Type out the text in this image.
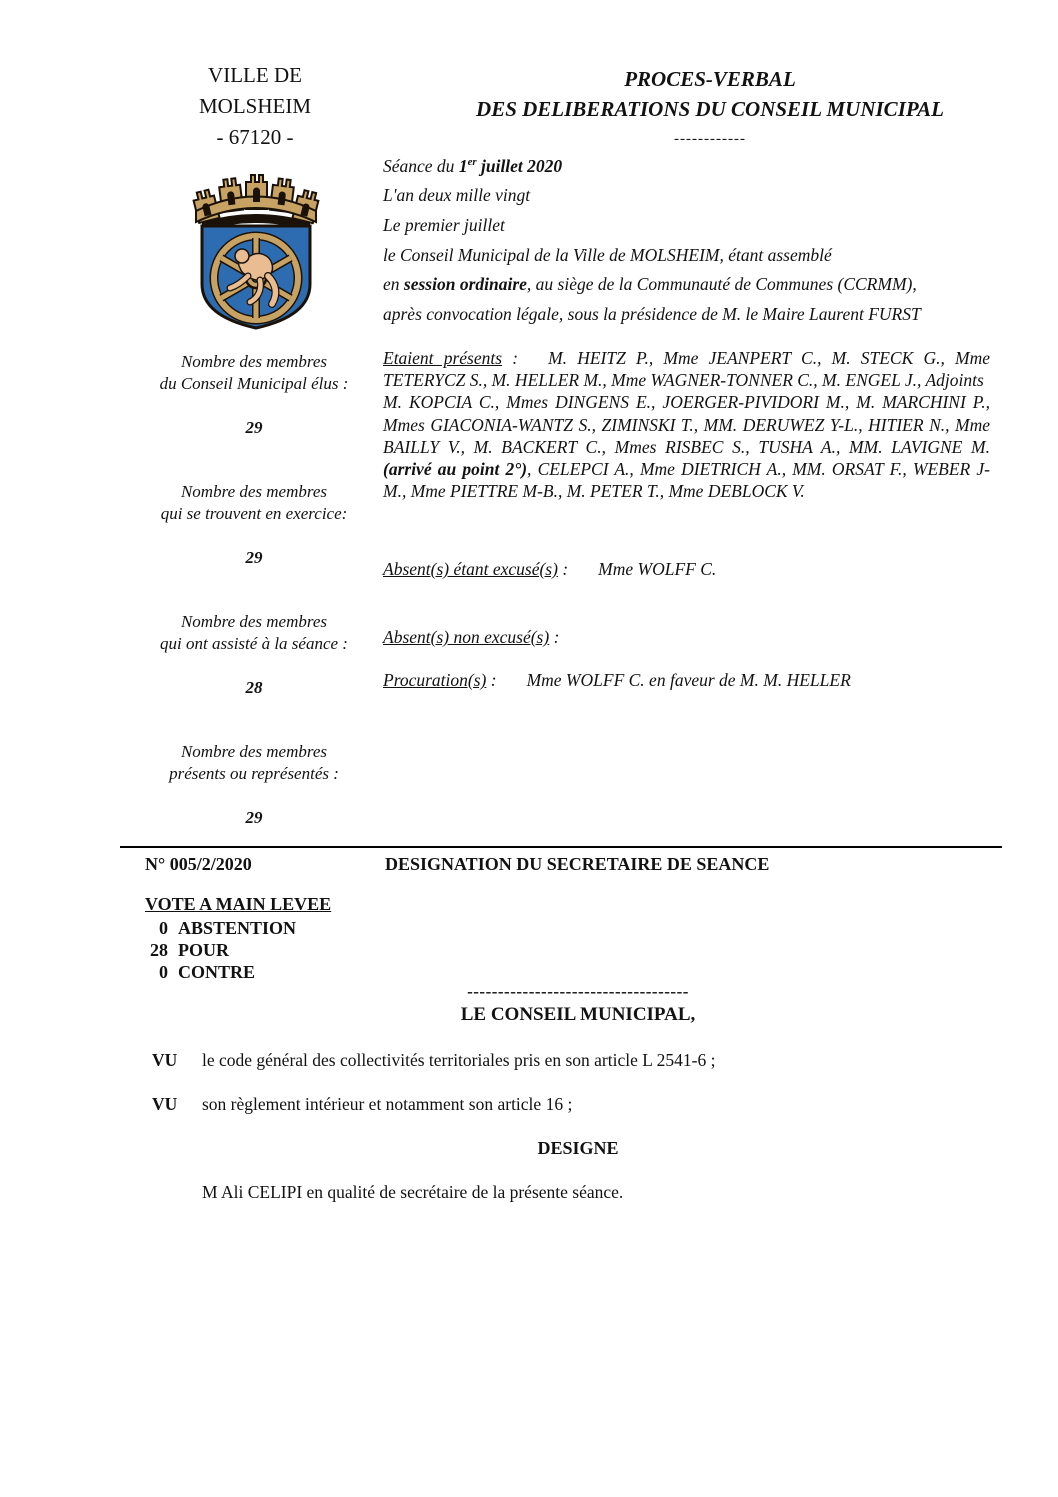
VILLE DE
MOLSHEIM
- 67120 -
PROCES-VERBAL
DES DELIBERATIONS DU CONSEIL MUNICIPAL
------------
Nombre des membres
du Conseil Municipal élus :
29
Nombre des membres
qui se trouvent en exercice:
29
Nombre des membres
qui ont assisté à la séance :
28
Nombre des membres
présents ou représentés :
29
Séance du 1er juillet 2020
L'an deux mille vingt
Le premier juillet
le Conseil Municipal de la Ville de MOLSHEIM, étant assemblé
en session ordinaire, au siège de la Communauté de Communes (CCRMM),
après convocation légale, sous la présidence de M. le Maire Laurent FURST

Etaient présents : M. HEITZ P., Mme JEANPERT C., M. STECK G., Mme TETERYCZ S., M. HELLER M., Mme WAGNER-TONNER C., M. ENGEL J., Adjoints

M. KOPCIA C., Mmes DINGENS E., JOERGER-PIVIDORI M., M. MARCHINI P., Mmes GIACONIA-WANTZ S., ZIMINSKI T., MM. DERUWEZ Y-L., HITIER N., Mme BAILLY V., M. BACKERT C., Mmes RISBEC S., TUSHA A., MM. LAVIGNE M. (arrivé au point 2°), CELEPCI A., Mme DIETRICH A., MM. ORSAT F., WEBER J-M., Mme PIETTRE M-B., M. PETER T., Mme DEBLOCK V.

Absent(s) étant excusé(s) : Mme WOLFF C.
Absent(s) non excusé(s) :
Procuration(s) : Mme WOLFF C. en faveur de M. M. HELLER
N° 005/2/2020	DESIGNATION DU SECRETAIRE DE SEANCE
VOTE A MAIN LEVEE
0 ABSTENTION
28 POUR
0 CONTRE
------------------------------------
LE CONSEIL MUNICIPAL,
VU le code général des collectivités territoriales pris en son article L 2541-6 ;
VU son règlement intérieur et notamment son article 16 ;
DESIGNE
M Ali CELIPI en qualité de secrétaire de la présente séance.
